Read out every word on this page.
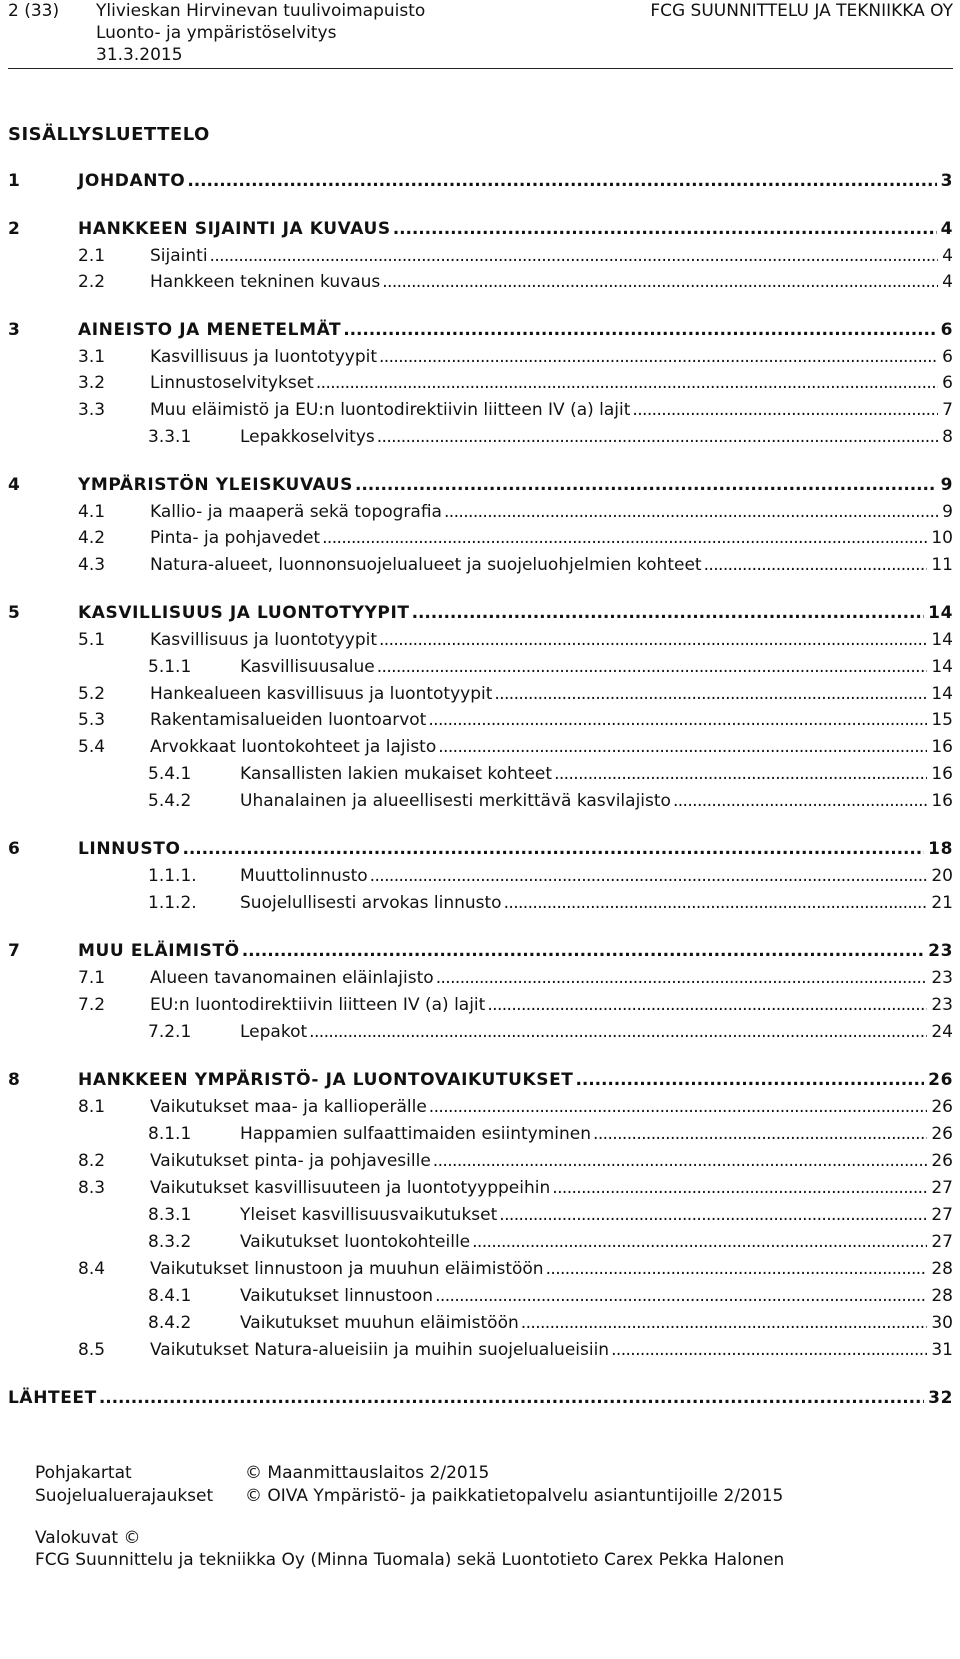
2 (33) Ylivieskan Hirvinevan tuulivoimapuisto
Luonto- ja ympäristöselvitys
31.3.2015
FCG SUUNNITTELU JA TEKNIIKKA OY
SISÄLLYSLUETTELO
1	JOHDANTO . . .	3
2	HANKKEEN SIJAINTI JA KUVAUS . . .	4
2.1	Sijainti . . .	4
2.2	Hankkeen tekninen kuvaus . . .	4
3	AINEISTO JA MENETELMÄT . . .	6
3.1	Kasvillisuus ja luontotyypit . . .	6
3.2	Linnustoselvitykset . . .	6
3.3	Muu eläimistö ja EU:n luontodirektiivin liitteen IV (a) lajit . . .	7
3.3.1	Lepakkoselvitys . . .	8
4	YMPÄRISTÖN YLEISKUVAUS . . .	9
4.1	Kallio- ja maaperä sekä topografia . . .	9
4.2	Pinta- ja pohjavedet . . .	10
4.3	Natura-alueet, luonnonsuojelualueet ja suojeluohjelmien kohteet . . .	11
5	KASVILLISUUS JA LUONTOTYYPIT . . .	14
5.1	Kasvillisuus ja luontotyypit . . .	14
5.1.1	Kasvillisuusalue . . .	14
5.2	Hankealueen kasvillisuus ja luontotyypit . . .	14
5.3	Rakentamisalueiden luontoarvot . . .	15
5.4	Arvokkaat luontokohteet ja lajisto . . .	16
5.4.1	Kansallisten lakien mukaiset kohteet . . .	16
5.4.2	Uhanalainen ja alueellisesti merkittävä kasvilajisto . . .	16
6	LINNUSTO . . .	18
1.1.1.	Muuttolinnusto . . .	20
1.1.2.	Suojelullisesti arvokas linnusto . . .	21
7	MUU ELÄIMISTÖ . . .	23
7.1	Alueen tavanomainen eläinlajisto . . .	23
7.2	EU:n luontodirektiivin liitteen IV (a) lajit . . .	23
7.2.1	Lepakot . . .	24
8	HANKKEEN YMPÄRISTÖ- JA LUONTOVAIKUTUKSET . . .	26
8.1	Vaikutukset maa- ja kallioperälle . . .	26
8.1.1	Happamien sulfaattimaiden esiintyminen . . .	26
8.2	Vaikutukset pinta- ja pohjavesille . . .	26
8.3	Vaikutukset kasvillisuuteen ja luontotyyppeihin . . .	27
8.3.1	Yleiset kasvillisuusvaikutukset . . .	27
8.3.2	Vaikutukset luontokohteille . . .	27
8.4	Vaikutukset linnustoon ja muuhun eläimistöön . . .	28
8.4.1	Vaikutukset linnustoon . . .	28
8.4.2	Vaikutukset muuhun eläimistöön . . .	30
8.5	Vaikutukset Natura-alueisiin ja muihin suojelualueisiin . . .	31
LÄHTEET . . .	32
Pohjakartat	© Maanmittauslaitos 2/2015
Suojelualuerajaukset © OIVA Ympäristö- ja paikkatietopalvelu asiantuntijoille 2/2015
Valokuvat ©
FCG Suunnittelu ja tekniikka Oy (Minna Tuomala) sekä Luontotieto Carex Pekka Halonen
